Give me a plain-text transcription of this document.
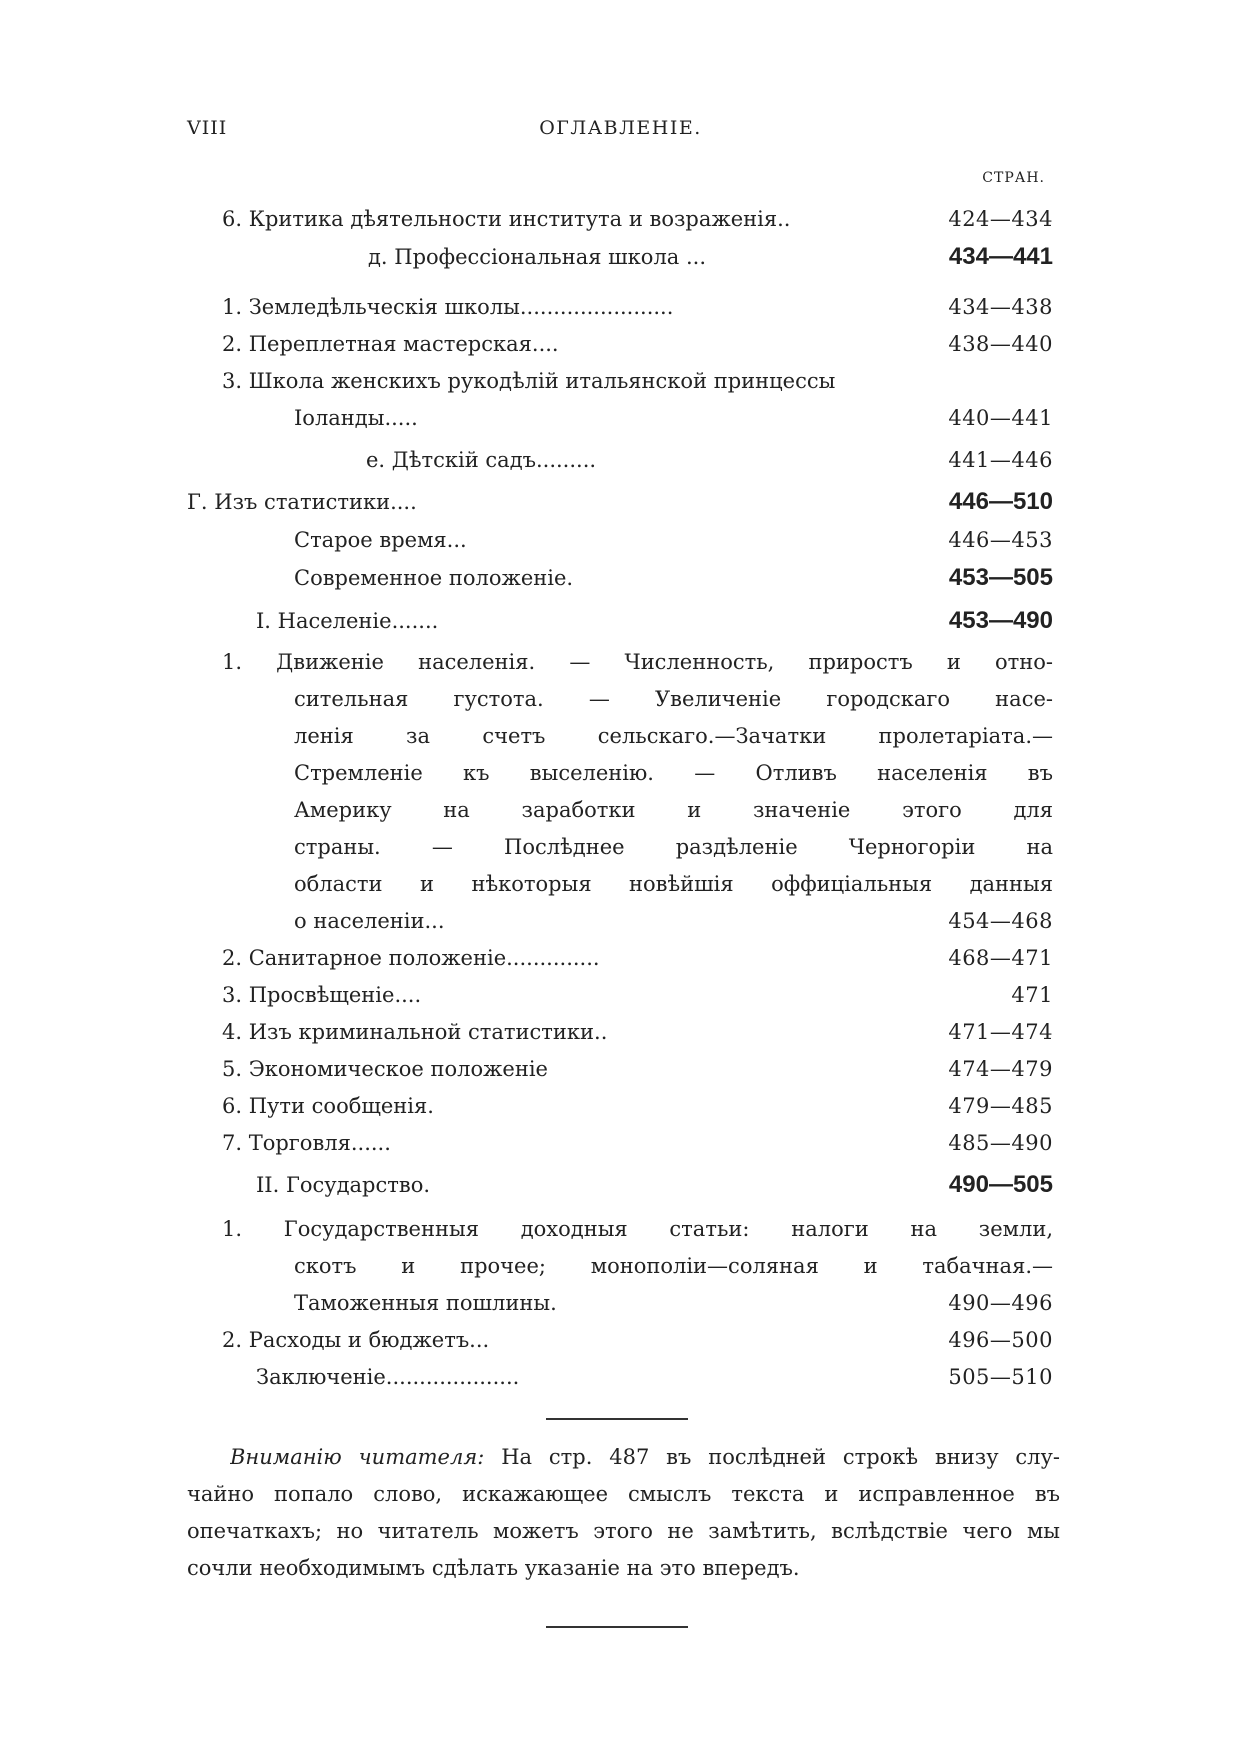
VIII	ОГЛАВЛЕНІЕ.
СТРАН.
6. Критика дѣятельности института и возраженія..	424—434
д. Профессіональная школа ...	434—441
1. Земледѣльческія школы.......................	434—438
2. Переплетная мастерская....	438—440
3. Школа женскихъ рукодѣлій итальянской принцессы
Іоланды.....	440—441
е. Дѣтскій садъ.........	441—446
Г. Изъ статистики....	446—510
Старое время...	446—453
Современное положеніе.	453—505
I. Населеніе.......	453—490
1. Движеніе населенія. — Численность, приростъ и отно-
сительная густота. — Увеличеніе городскаго насе-
ленія за счетъ сельскаго.—Зачатки пролетаріата.—
Стремленіе къ выселенію. — Отливъ населенія въ
Америку на заработки и значеніе этого для
страны. — Послѣднее раздѣленіе Черногоріи на
области и нѣкоторыя новѣйшія оффиціальныя данныя
о населеніи...	454—468
2. Санитарное положеніе..............	468—471
3. Просвѣщеніе....	471
4. Изъ криминальной статистики..	471—474
5. Экономическое положеніе	474—479
6. Пути сообщенія.	479—485
7. Торговля......	485—490
II. Государство.	490—505
1. Государственныя доходныя статьи: налоги на земли,
скотъ и прочее; монополіи—соляная и табачная.—
Таможенныя пошлины.	490—496
2. Расходы и бюджетъ...	496—500
Заключеніе....................	505—510
Вниманію читателя: На стр. 487 въ послѣдней строкѣ внизу слу-
чайно попало слово, искажающее смыслъ текста и исправленное въ
опечаткахъ; но читатель можетъ этого не замѣтить, вслѣдствіе чего мы
сочли необходимымъ сдѣлать указаніе на это впередъ.
